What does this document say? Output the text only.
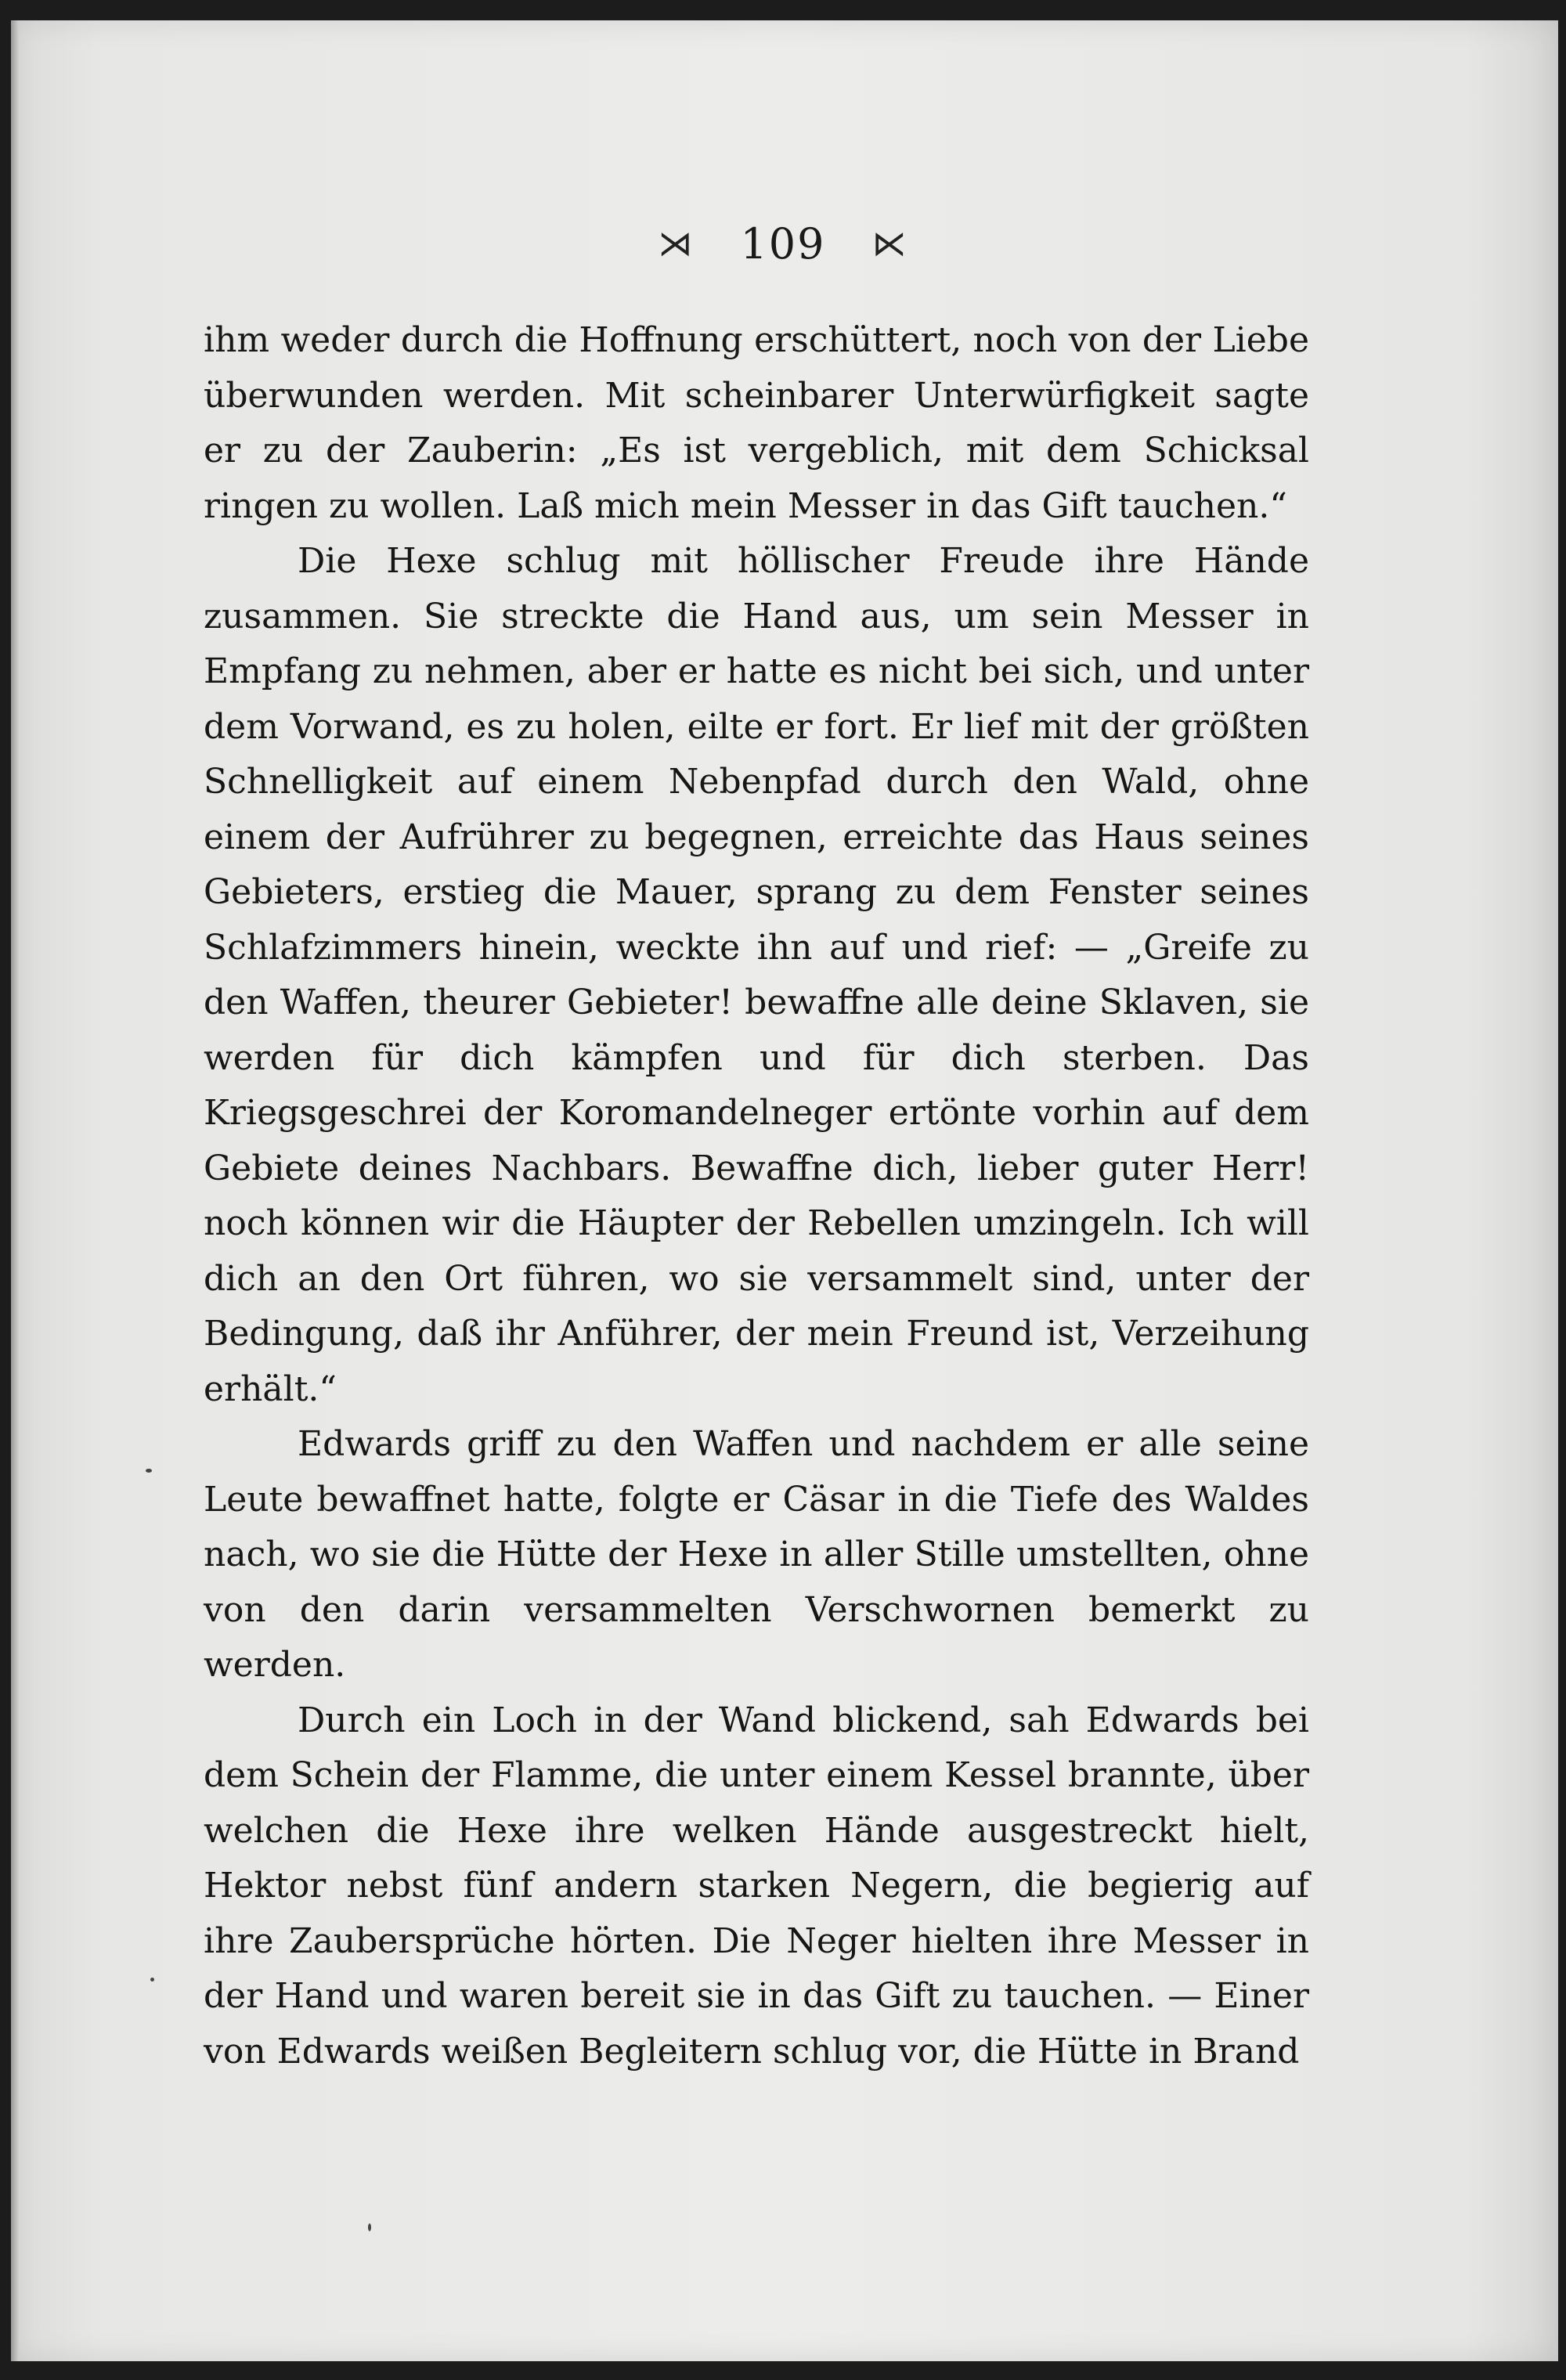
⋊ 109 ⋉

ihm weder durch die Hoffnung erschüttert, noch von der Liebe überwunden werden. Mit scheinbarer Unterwürfigkeit sagte er zu der Zauberin: „Es ist vergeblich, mit dem Schicksal ringen zu wollen. Laß mich mein Messer in das Gift tauchen.“

Die Hexe schlug mit höllischer Freude ihre Hände zusammen. Sie streckte die Hand aus, um sein Messer in Empfang zu nehmen, aber er hatte es nicht bei sich, und unter dem Vorwand, es zu holen, eilte er fort. Er lief mit der größten Schnelligkeit auf einem Nebenpfad durch den Wald, ohne einem der Aufrührer zu begegnen, erreichte das Haus seines Gebieters, erstieg die Mauer, sprang zu dem Fenster seines Schlafzimmers hinein, weckte ihn auf und rief: — „Greife zu den Waffen, theurer Gebieter! bewaffne alle deine Sklaven, sie werden für dich kämpfen und für dich sterben. Das Kriegsgeschrei der Koromandelneger ertönte vorhin auf dem Gebiete deines Nachbars. Bewaffne dich, lieber guter Herr! noch können wir die Häupter der Rebellen umzingeln. Ich will dich an den Ort führen, wo sie versammelt sind, unter der Bedingung, daß ihr Anführer, der mein Freund ist, Verzeihung erhält.“

Edwards griff zu den Waffen und nachdem er alle seine Leute bewaffnet hatte, folgte er Cäsar in die Tiefe des Waldes nach, wo sie die Hütte der Hexe in aller Stille umstellten, ohne von den darin versammelten Verschwornen bemerkt zu werden.

Durch ein Loch in der Wand blickend, sah Edwards bei dem Schein der Flamme, die unter einem Kessel brannte, über welchen die Hexe ihre welken Hände ausgestreckt hielt, Hektor nebst fünf andern starken Negern, die begierig auf ihre Zaubersprüche hörten. Die Neger hielten ihre Messer in der Hand und waren bereit sie in das Gift zu tauchen. — Einer von Edwards weißen Begleitern schlug vor, die Hütte in Brand
